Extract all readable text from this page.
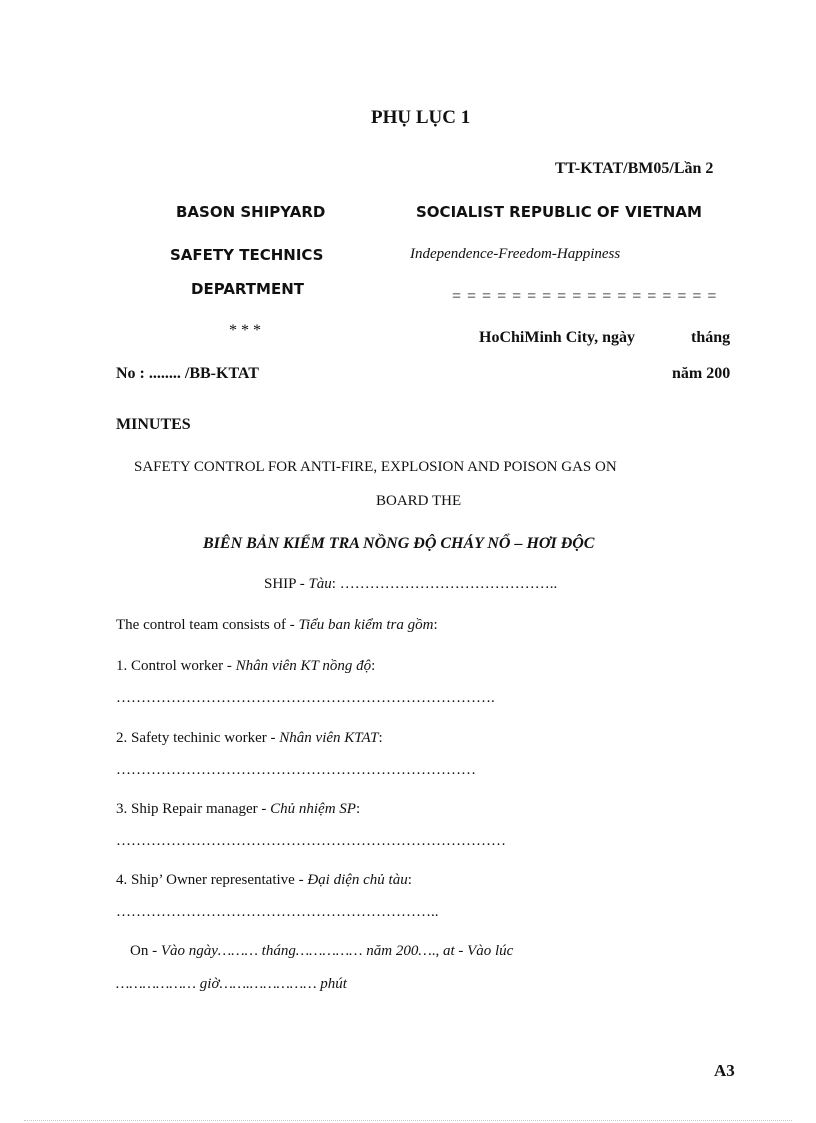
PHỤ LỤC 1
TT-KTAT/BM05/Lần 2
BASON SHIPYARD	SOCIALIST REPUBLIC OF VIETNAM
SAFETY TECHNICS	Independence-Freedom-Happiness
DEPARTMENT	= = = = = = = = = = = = = = = = = =
* * *	HoChiMinh City, ngày	tháng
No : ........ /BB-KTAT	năm 200
MINUTES
SAFETY CONTROL FOR ANTI-FIRE, EXPLOSION AND POISON GAS ON
BOARD THE
BIÊN BẢN KIỂM TRA NỒNG ĐỘ CHÁY NỔ – HƠI ĐỘC
SHIP - Tàu: ……………………………………..
The control team consists of - Tiểu ban kiểm tra gồm:
1. Control worker - Nhân viên KT nồng độ:
………………………………………………………………….
2. Safety techinic worker - Nhân viên KTAT:
………………………………………………………………
3. Ship Repair manager - Chủ nhiệm SP:
……………………………………………………………………
4. Ship’ Owner representative - Đại diện chủ tàu:
………………………………………………………..
On - Vào ngày……… tháng…………… năm 200…., at - Vào lúc
……………… giờ…….…………… phút
A3
